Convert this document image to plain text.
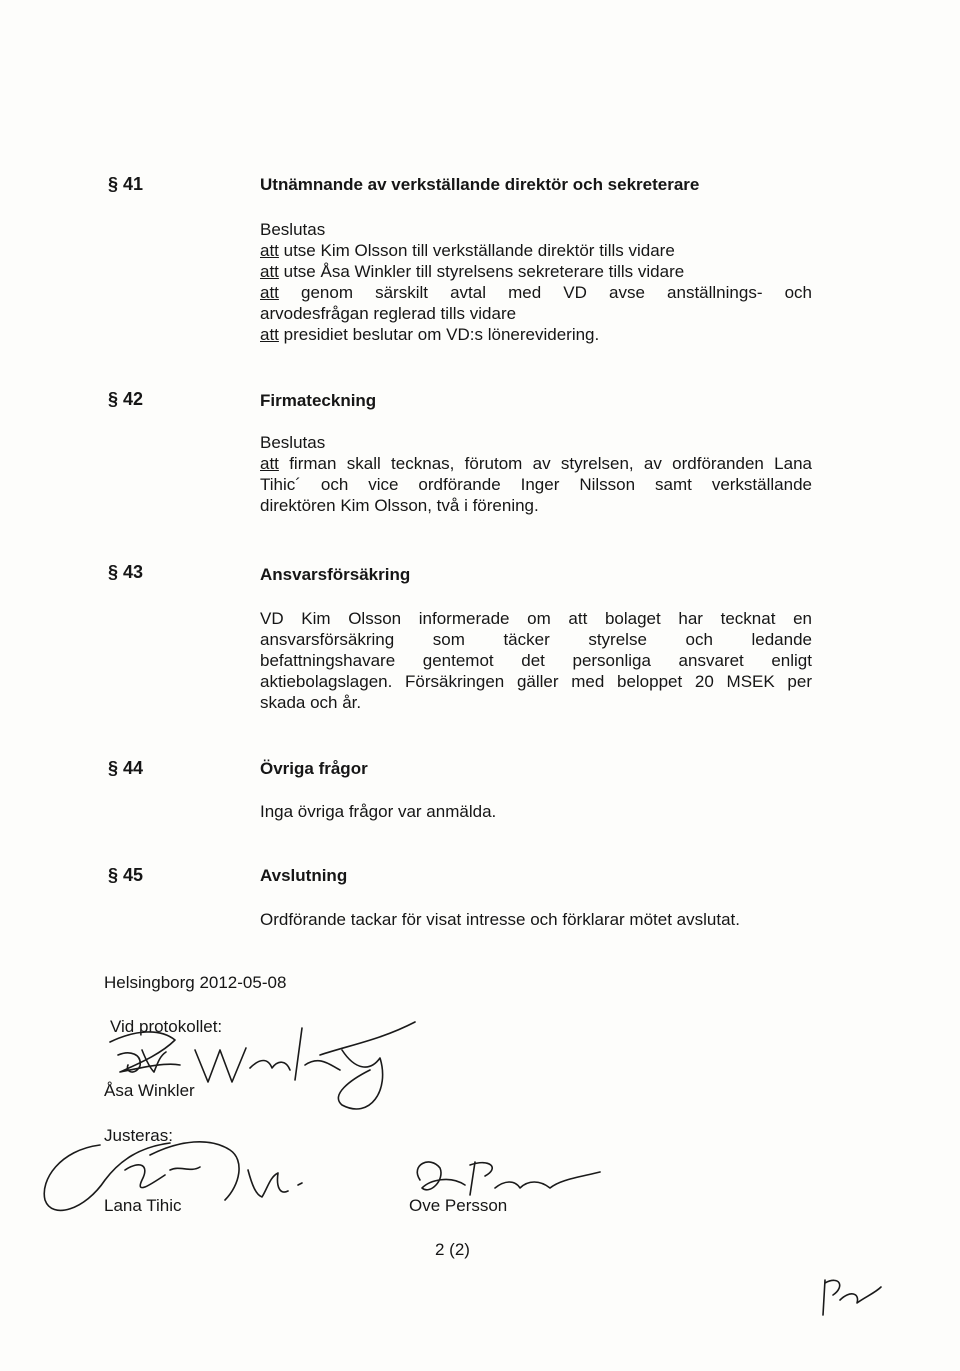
§ 41	Utnämnande av verkställande direktör och sekreterare
Beslutas
att utse Kim Olsson till verkställande direktör tills vidare
att utse Åsa Winkler till styrelsens sekreterare tills vidare
att genom särskilt avtal med VD avse anställnings- och
arvodesfrågan reglerad tills vidare
att presidiet beslutar om VD:s lönerevidering.
§ 42	Firmateckning
Beslutas
att firman skall tecknas, förutom av styrelsen, av ordföranden Lana
Tihic´ och vice ordförande Inger Nilsson samt verkställande
direktören Kim Olsson, två i förening.
§ 43	Ansvarsförsäkring
VD Kim Olsson informerade om att bolaget har tecknat en
ansvarsförsäkring som täcker styrelse och ledande
befattningshavare gentemot det personliga ansvaret enligt
aktiebolagslagen. Försäkringen gäller med beloppet 20 MSEK per
skada och år.
§ 44	Övriga frågor
Inga övriga frågor var anmälda.
§ 45	Avslutning
Ordförande tackar för visat intresse och förklarar mötet avslutat.
Helsingborg 2012-05-08
Vid protokollet:
Åsa Winkler
Justeras:
Lana Tihic	Ove Persson
2 (2)
